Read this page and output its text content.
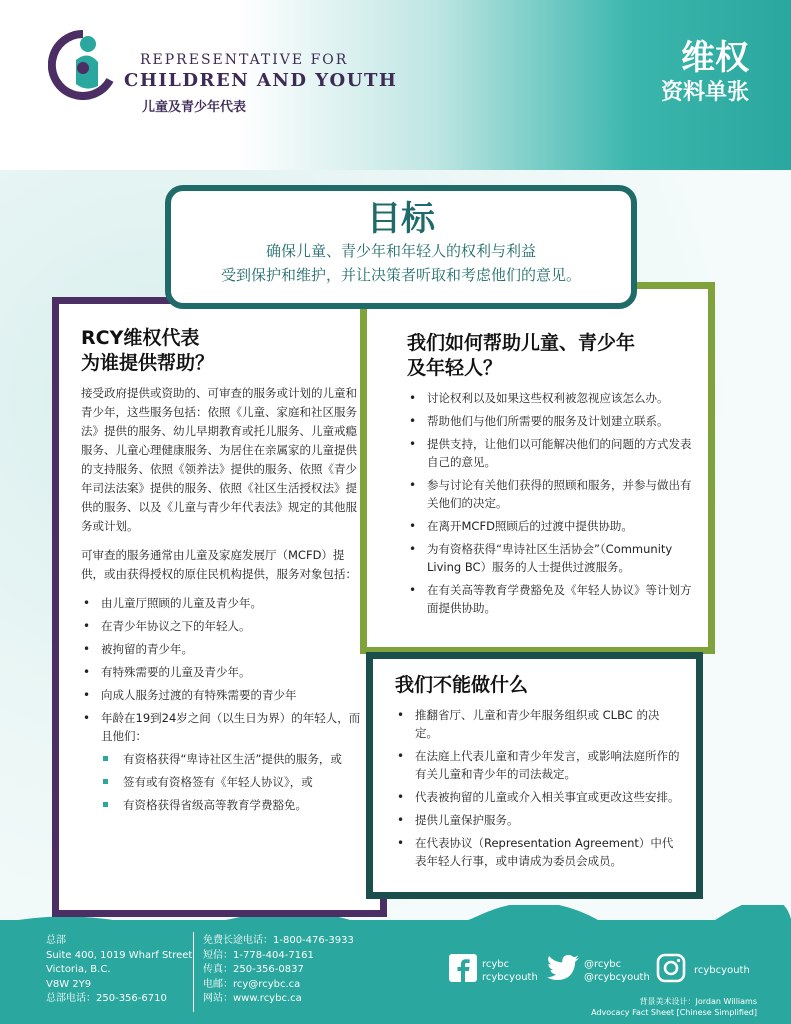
REPRESENTATIVE FOR
CHILDREN AND YOUTH
儿童及青少年代表
维权
资料单张
RCY维权代表
为谁提供帮助？

接受政府提供或资助的、可审查的服务或计划的儿童和青少年，这些服务包括：依照《儿童、家庭和社区服务法》提供的服务、幼儿早期教育或托儿服务、儿童戒瘾服务、儿童心理健康服务、为居住在亲属家的儿童提供的支持服务、依照《领养法》提供的服务、依照《青少年司法法案》提供的服务、依照《社区生活授权法》提供的服务、以及《儿童与青少年代表法》规定的其他服务或计划。

可审查的服务通常由儿童及家庭发展厅（MCFD）提供，或由获得授权的原住民机构提供，服务对象包括：

• 由儿童厅照顾的儿童及青少年。
• 在青少年协议之下的年轻人。
• 被拘留的青少年。
• 有特殊需要的儿童及青少年。
• 向成人服务过渡的有特殊需要的青少年
• 年龄在19到24岁之间（以生日为界）的年轻人，而且他们：
有资格获得“卑诗社区生活”提供的服务，或
签有或有资格签有《年轻人协议》，或
有资格获得省级高等教育学费豁免。
我们如何帮助儿童、青少年
及年轻人？
• 讨论权利以及如果这些权利被忽视应该怎么办。
• 帮助他们与他们所需要的服务及计划建立联系。
• 提供支持，让他们以可能解决他们的问题的方式发表自己的意见。
• 参与讨论有关他们获得的照顾和服务，并参与做出有关他们的决定。
• 在离开MCFD照顾后的过渡中提供协助。
• 为有资格获得“卑诗社区生活协会”（Community Living BC）服务的人士提供过渡服务。
• 在有关高等教育学费豁免及《年轻人协议》等计划方面提供协助。
目标
确保儿童、青少年和年轻人的权利与利益
受到保护和维护，并让决策者听取和考虑他们的意见。
我们不能做什么
• 推翻省厅、儿童和青少年服务组织或 CLBC 的决定。
• 在法庭上代表儿童和青少年发言，或影响法庭所作的有关儿童和青少年的司法裁定。
• 代表被拘留的儿童或介入相关事宜或更改这些安排。
• 提供儿童保护服务。
• 在代表协议（Representation Agreement）中代表年轻人行事，或申请成为委员会成员。
总部
Suite 400, 1019 Wharf Street
Victoria, B.C.
V8W 2Y9
总部电话：250-356-6710
免费长途电话：1-800-476-3933
短信：1-778-404-7161
传真：250-356-0837
电邮：rcy@rcybc.ca
网站：www.rcybc.ca
rcybc
rcybcyouth
@rcybc
@rcybcyouth
rcybcyouth
背景美术设计：Jordan Williams
Advocacy Fact Sheet [Chinese Simplified]
